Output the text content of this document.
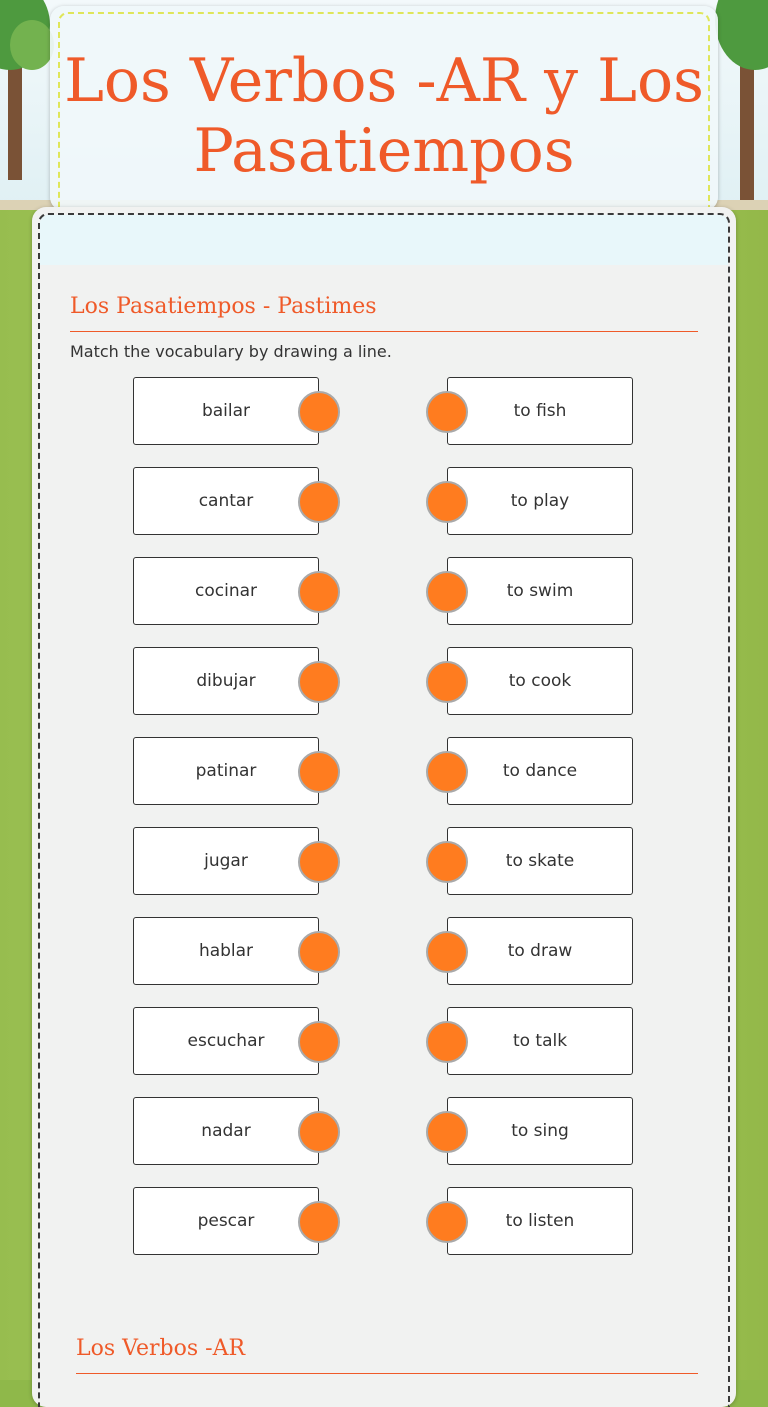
Los Verbos -AR y Los Pasatiempos
Los Pasatiempos - Pastimes
Match the vocabulary by drawing a line.
bailar
cantar
cocinar
dibujar
patinar
jugar
hablar
escuchar
nadar
pescar
to fish
to play
to swim
to cook
to dance
to skate
to draw
to talk
to sing
to listen
Los Verbos -AR
